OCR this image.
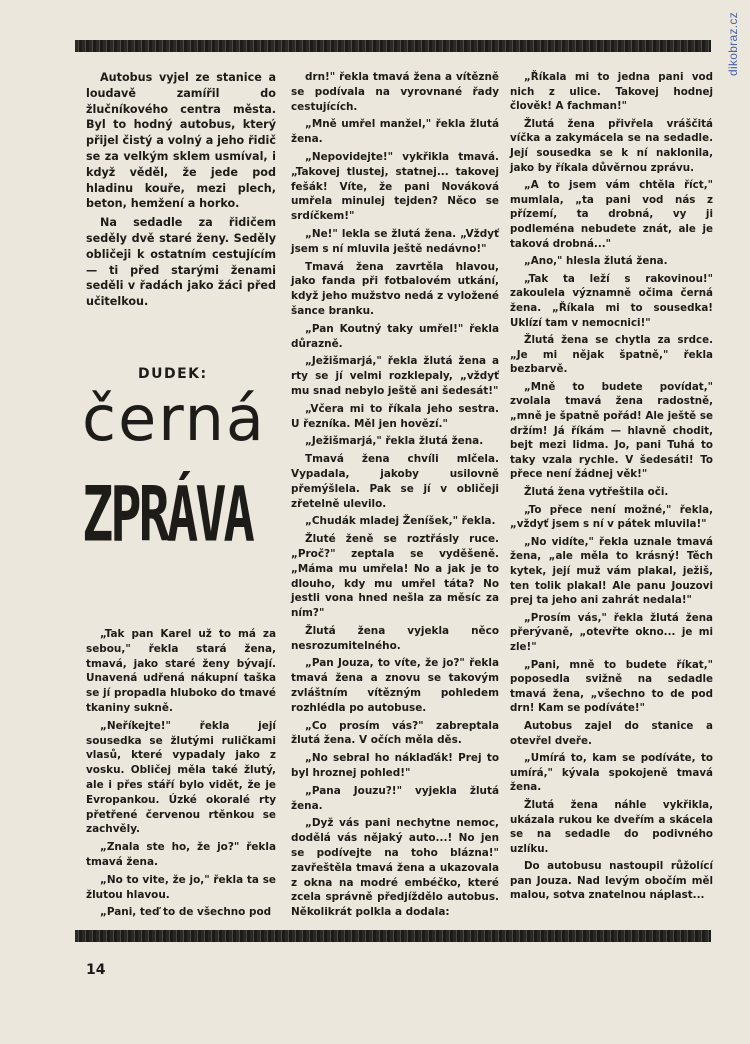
dikobraz.cz

Autobus vyjel ze stanice a loudavě zamířil do žlučníkového centra města. Byl to hodný autobus, který přijel čistý a volný a jeho řidič se za velkým sklem usmíval, i když věděl, že jede pod hladinu kouře, mezi plech, beton, hemžení a horko.

Na sedadle za řidičem seděly dvě staré ženy. Seděly obličeji k ostatním cestujícím — ti před starými ženami seděli v řadách jako žáci před učitelkou.

„Tak pan Karel už to má za sebou," řekla stará žena, tmavá, jako staré ženy bývají. Unavená udřená nákupní taška se jí propadla hluboko do tmavé tkaniny sukně.

„Neříkejte!" řekla její sousedka se žlutými ruličkami vlasů, které vypadaly jako z vosku. Obličej měla také žlutý, ale i přes stáří bylo vidět, že je Evropankou. Úzké okoralé rty přetřené červenou rtěnkou se zachvěly.

„Znala ste ho, že jo?" řekla tmavá žena.

„No to vite, že jo," řekla ta se žlutou hlavou.

„Pani, teď to de všechno pod

DUDEK:
černá
ZPRÁVA

drn!" řekla tmavá žena a vítězně se podívala na vyrovnané řady cestujících.

„Mně umřel manžel," řekla žlutá žena.

„Nepovidejte!" vykřikla tmavá. „Takovej tlustej, statnej... takovej fešák! Víte, že pani Nováková umřela minulej tejden? Něco se srdíčkem!"

„Ne!" lekla se žlutá žena. „Vždyť jsem s ní mluvila ještě nedávno!"

Tmavá žena zavrtěla hlavou, jako fanda při fotbalovém utkání, když jeho mužstvo nedá z vyložené šance branku.

„Pan Koutný taky umřel!" řekla důrazně.

„Ježišmarjá," řekla žlutá žena a rty se jí velmi rozklepaly, „vždyť mu snad nebylo ještě ani šedesát!"

„Včera mi to říkala jeho sestra. U řezníka. Měl jen hovězí."

„Ježišmarjá," řekla žlutá žena.

Tmavá žena chvíli mlčela. Vypadala, jakoby usilovně přemýšlela. Pak se jí v obličeji zřetelně ulevilo.

„Chudák mladej Ženíšek," řekla.

Žluté ženě se roztřásly ruce. „Proč?" zeptala se vyděšeně. „Máma mu umřela! No a jak je to dlouho, kdy mu umřel táta? No jestli vona hned nešla za měsíc za ním?"

Žlutá žena vyjekla něco nesrozumitelného.

„Pan Jouza, to víte, že jo?" řekla tmavá žena a znovu se takovým zvláštním vítězným pohledem rozhlédla po autobuse.

„Co prosím vás?" zabreptala žlutá žena. V očích měla děs.

„No sebral ho náklaďák! Prej to byl hroznej pohled!"

„Pana Jouzu?!" vyjekla žlutá žena.

„Dyž vás pani nechytne nemoc, dodělá vás nějaký auto...! No jen se podívejte na toho blázna!" zavřeštěla tmavá žena a ukazovala z okna na modré embéčko, které zcela správně předjíždělo autobus. Několikrát polkla a dodala:

„Říkala mi to jedna pani vod nich z ulice. Takovej hodnej člověk! A fachman!"

Žlutá žena přivřela vráščitá víčka a zakymácela se na sedadle. Její sousedka se k ní naklonila, jako by říkala důvěrnou zprávu.

„A to jsem vám chtěla říct," mumlala, „ta pani vod nás z přízemí, ta drobná, vy ji podleména nebudete znát, ale je taková drobná..."

„Ano," hlesla žlutá žena.

„Tak ta leží s rakovinou!" zakoulela významně očima černá žena. „Říkala mi to sousedka! Uklízí tam v nemocnici!"

Žlutá žena se chytla za srdce. „Je mi nějak špatně," řekla bezbarvě.

„Mně to budete povídat," zvolala tmavá žena radostně, „mně je špatně pořád! Ale ještě se držím! Já říkám — hlavně chodit, bejt mezi lidma. Jo, pani Tuhá to taky vzala rychle. V šedesáti! To přece není žádnej věk!"

Žlutá žena vytřeštila oči.

„To přece není možné," řekla, „vždyť jsem s ní v pátek mluvila!"

„No vidíte," řekla uznale tmavá žena, „ale měla to krásný! Těch kytek, její muž vám plakal, ježiš, ten tolik plakal! Ale panu Jouzovi prej ta jeho ani zahrát nedala!"

„Prosím vás," řekla žlutá žena přerývaně, „otevřte okno... je mi zle!"

„Pani, mně to budete říkat," poposedla svižně na sedadle tmavá žena, „všechno to de pod drn! Kam se podíváte!"

Autobus zajel do stanice a otevřel dveře.

„Umírá to, kam se podíváte, to umírá," kývala spokojeně tmavá žena.

Žlutá žena náhle vykřikla, ukázala rukou ke dveřím a skácela se na sedadle do podivného uzlíku.

Do autobusu nastoupil růžolící pan Jouza. Nad levým obočím měl malou, sotva znatelnou náplast...

14
